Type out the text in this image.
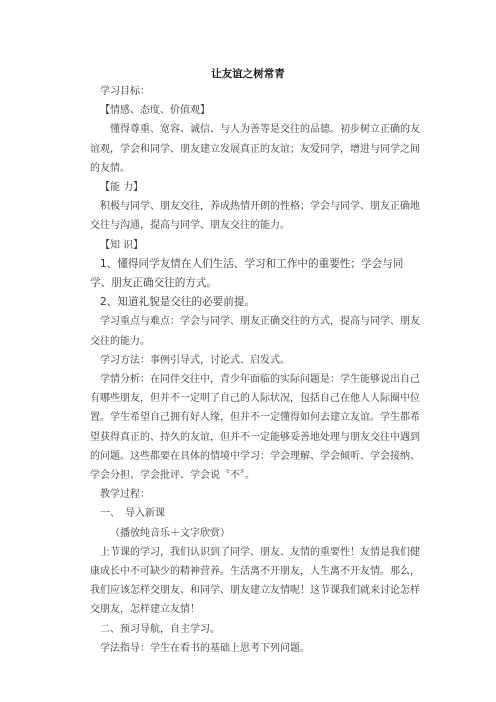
让友谊之树常青

学习目标：

【情感、态度、价值观】

懂得尊重、宽容、诚信、与人为善等是交往的品德。初步树立正确的友谊观，学会和同学、朋友建立发展真正的友谊；友爱同学，增进与同学之间的友情。

【能 力】

积极与同学、朋友交往，养成热情开朗的性格；学会与同学、朋友正确地交往与沟通，提高与同学、朋友交往的能力。

【知 识】

1、懂得同学友情在人们生活、学习和工作中的重要性；学会与同学、朋友正确交往的方式。

2、知道礼貌是交往的必要前提。

学习重点与难点：学会与同学、朋友正确交往的方式，提高与同学、朋友交往的能力。

学习方法：事例引导式，讨论式、启发式。

学情分析：在同伴交往中，青少年面临的实际问题是：学生能够说出自己有哪些朋友，但并不一定明了自己的人际状况，包括自己在他人人际圈中位置。学生希望自己拥有好人缘，但并不一定懂得如何去建立友谊。学生都希望获得真正的、持久的友谊，但并不一定能够妥善地处理与朋友交往中遇到的问题。这些都要在具体的情境中学习：学会理解、学会倾听、学会接纳、学会分担、学会批评、学会说〝不〞。

教学过程：

一、　导入新课

（播放纯音乐＋文字欣赏）

上节课的学习，我们认识到了同学、朋友、友情的重要性！友情是我们健康成长中不可缺少的精神营养。生活离不开朋友，人生离不开友情。那么，我们应该怎样交朋友、和同学、朋友建立友情呢！这节课我们就来讨论怎样交朋友，怎样建立友情！

二、预习导航，自主学习。

学法指导：学生在看书的基础上思考下列问题。
